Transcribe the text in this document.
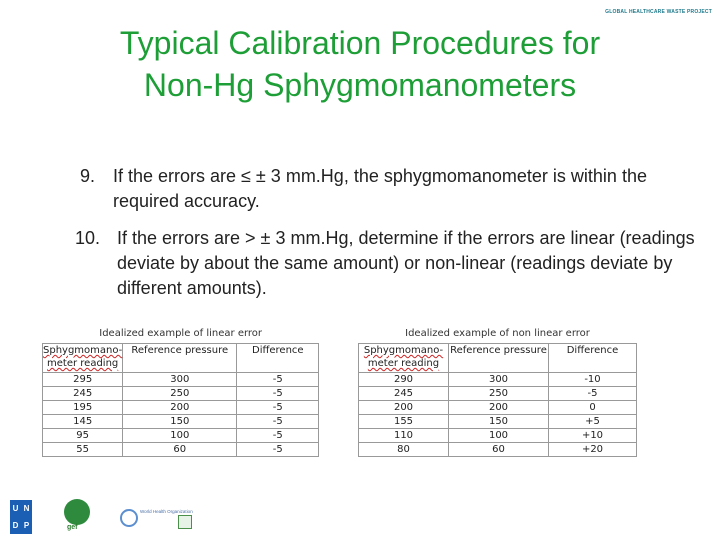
GLOBAL HEALTHCARE WASTE PROJECT
Typical Calibration Procedures for
Non-Hg Sphygmomanometers
9. If the errors are ≤ ± 3 mm.Hg, the sphygmomanometer is within the required accuracy.
10. If the errors are > ± 3 mm.Hg, determine if the errors are linear (readings deviate by about the same amount) or non-linear (readings deviate by different amounts).
Idealized example of linear error
Sphygmomano-meter reading	Reference pressure	Difference
295	300	-5
245	250	-5
195	200	-5
145	150	-5
95	100	-5
55	60	-5
Idealized example of non linear error
Sphygmomano-meter reading	Reference pressure	Difference
290	300	-10
245	250	-5
200	200	0
155	150	+5
110	100	+10
80	60	+20
U N
D P	gef
World Health Organization
